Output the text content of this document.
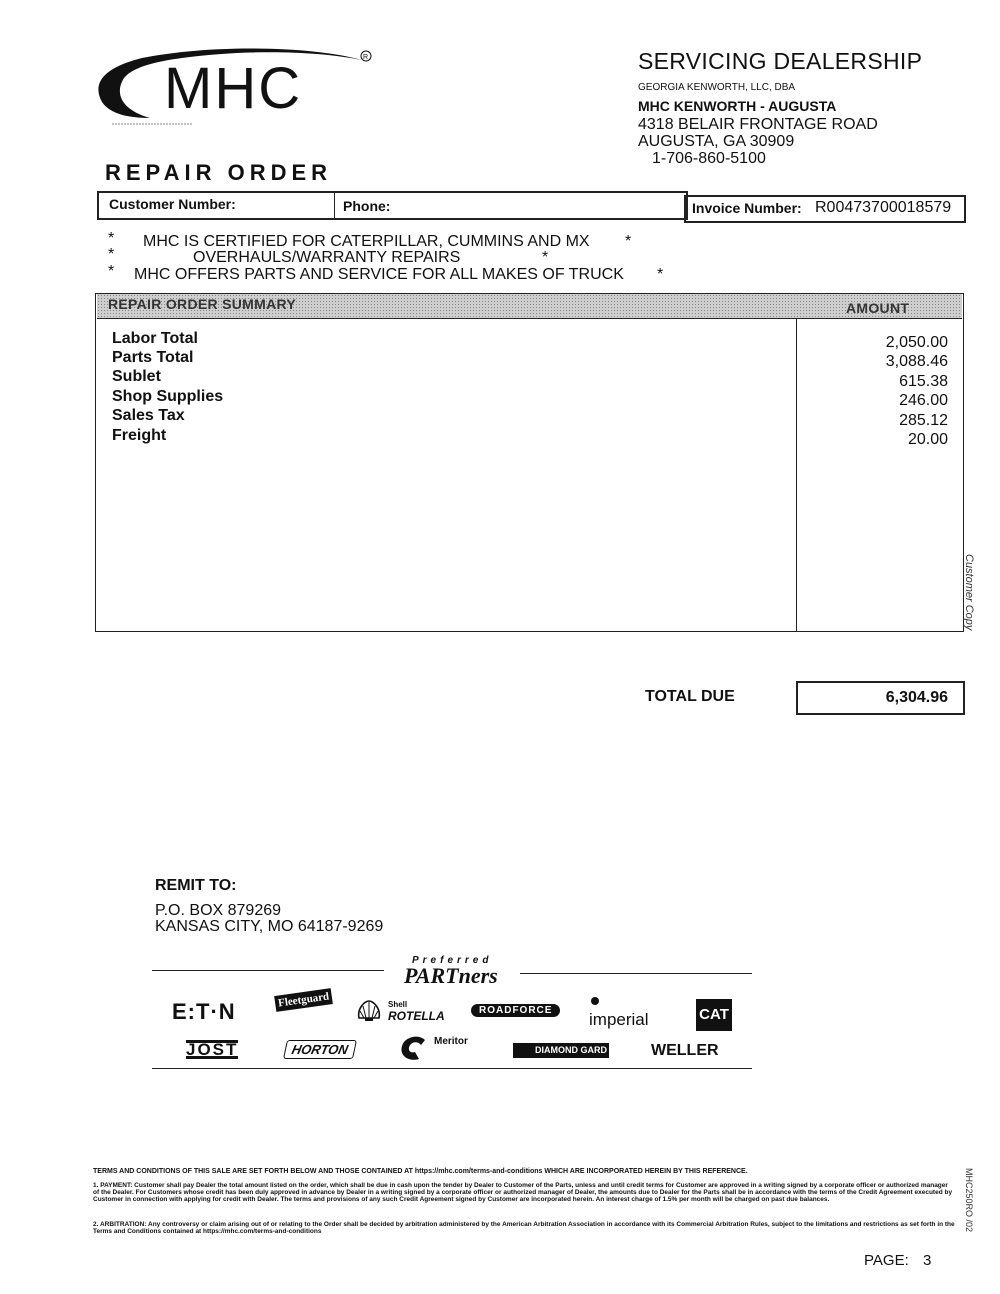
MHC	R	SERVICING DEALERSHIP
GEORGIA KENWORTH, LLC, DBA
MHC KENWORTH - AUGUSTA
4318 BELAIR FRONTAGE ROAD
AUGUSTA, GA 30909
1-706-860-5100
REPAIR ORDER
Customer Number:	Phone:	Invoice Number: R00473700018579
* MHC IS CERTIFIED FOR CATERPILLAR, CUMMINS AND MX *
*	OVERHAULS/WARRANTY REPAIRS	*
* MHC OFFERS PARTS AND SERVICE FOR ALL MAKES OF TRUCK *
REPAIR ORDER SUMMARY	AMOUNT
Labor Total	2,050.00
Parts Total	3,088.46
Sublet	615.38
Shop Supplies	246.00
Sales Tax	285.12
Freight	20.00
Customer Copy
TOTAL DUE	6,304.96
REMIT TO:
P.O. BOX 879269
KANSAS CITY, MO 64187-9269
Preferred
PARTners
E:T·N	Fleetguard	Shell
ROTELLA	ROADFORCE	imperial	CAT
JOST	HORTON
Meritor
DIAMOND GARD	WELLER
TERMS AND CONDITIONS OF THIS SALE ARE SET FORTH BELOW AND THOSE CONTAINED AT https://mhc.com/terms-and-conditions WHICH ARE INCORPORATED HEREIN BY THIS REFERENCE.
1. PAYMENT: Customer shall pay Dealer the total amount listed on the order, which shall be due in cash upon the tender by Dealer to Customer of the Parts, unless and until credit terms for Customer are approved in a writing signed by a corporate officer or authorized manager of the Dealer. For Customers whose credit has been duly approved in advance by Dealer in a writing signed by a corporate officer or authorized manager of Dealer, the amounts due to Dealer for the Parts shall be in accordance with the terms of the Credit Agreement executed by Customer in connection with applying for credit with Dealer. The terms and provisions of any such Credit Agreement signed by Customer are incorporated herein. An interest charge of 1.5% per month will be charged on past due balances.
2. ARBITRATION: Any controversy or claim arising out of or relating to the Order shall be decided by arbitration administered by the American Arbitration Association in accordance with its Commercial Arbitration Rules, subject to the limitations and restrictions as set forth in the Terms and Conditions contained at https://mhc.com/terms-and-conditions	MHC250RO /02
PAGE: 3
